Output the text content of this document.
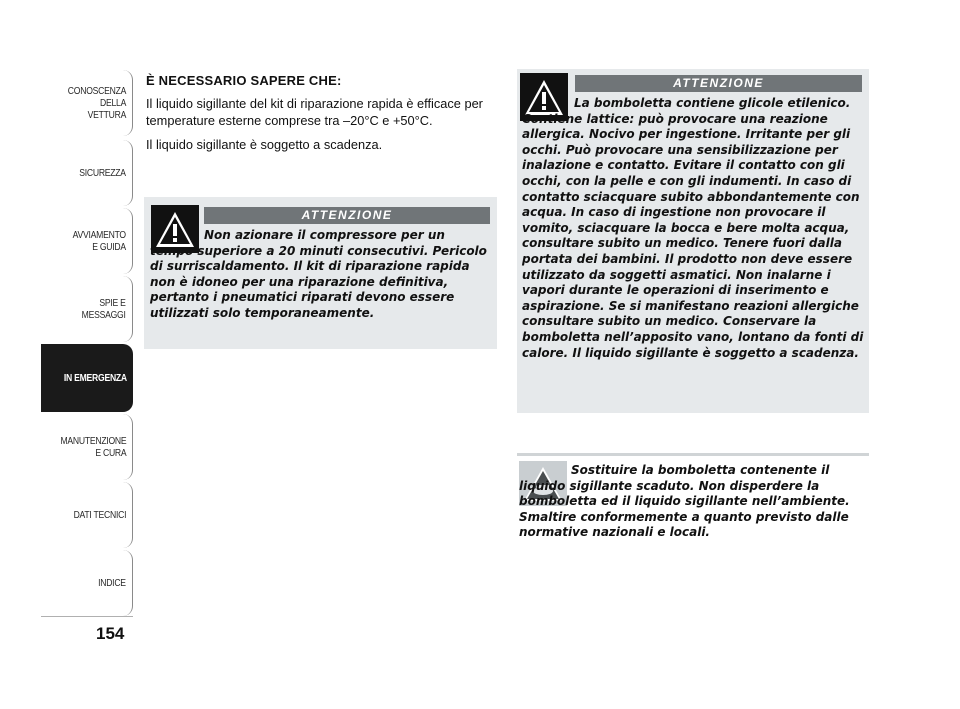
CONOSCENZA
DELLA
VETTURA
SICUREZZA
AVVIAMENTO
E GUIDA
SPIE E
MESSAGGI
IN EMERGENZA
MANUTENZIONE
E CURA
DATI TECNICI
INDICE
154
È NECESSARIO SAPERE CHE:
Il liquido sigillante del kit di riparazione rapida è efficace per temperature esterne comprese tra –20°C e +50°C.
Il liquido sigillante è soggetto a scadenza.
ATTENZIONE
Non azionare il compressore per un tempo superiore a 20 minuti consecutivi. Pericolo di surriscaldamento. Il kit di riparazione rapida non è idoneo per una riparazione definitiva, pertanto i pneumatici riparati devono essere utilizzati solo temporaneamente.
ATTENZIONE
La bomboletta contiene glicole etilenico. Contiene lattice: può provocare una reazione allergica. Nocivo per ingestione. Irritante per gli occhi. Può provocare una sensibilizzazione per inalazione e contatto. Evitare il contatto con gli occhi, con la pelle e con gli indumenti. In caso di contatto sciacquare subito abbondantemente con acqua. In caso di ingestione non provocare il vomito, sciacquare la bocca e bere molta acqua, consultare subito un medico. Tenere fuori dalla portata dei bambini. Il prodotto non deve essere utilizzato da soggetti asmatici. Non inalarne i vapori durante le operazioni di inserimento e aspirazione. Se si manifestano reazioni allergiche consultare subito un medico. Conservare la bomboletta nell’apposito vano, lontano da fonti di calore. Il liquido sigillante è soggetto a scadenza.
Sostituire la bomboletta contenente il liquido sigillante scaduto. Non disperdere la bomboletta ed il liquido sigillante nell’ambiente. Smaltire conformemente a quanto previsto dalle normative nazionali e locali.
